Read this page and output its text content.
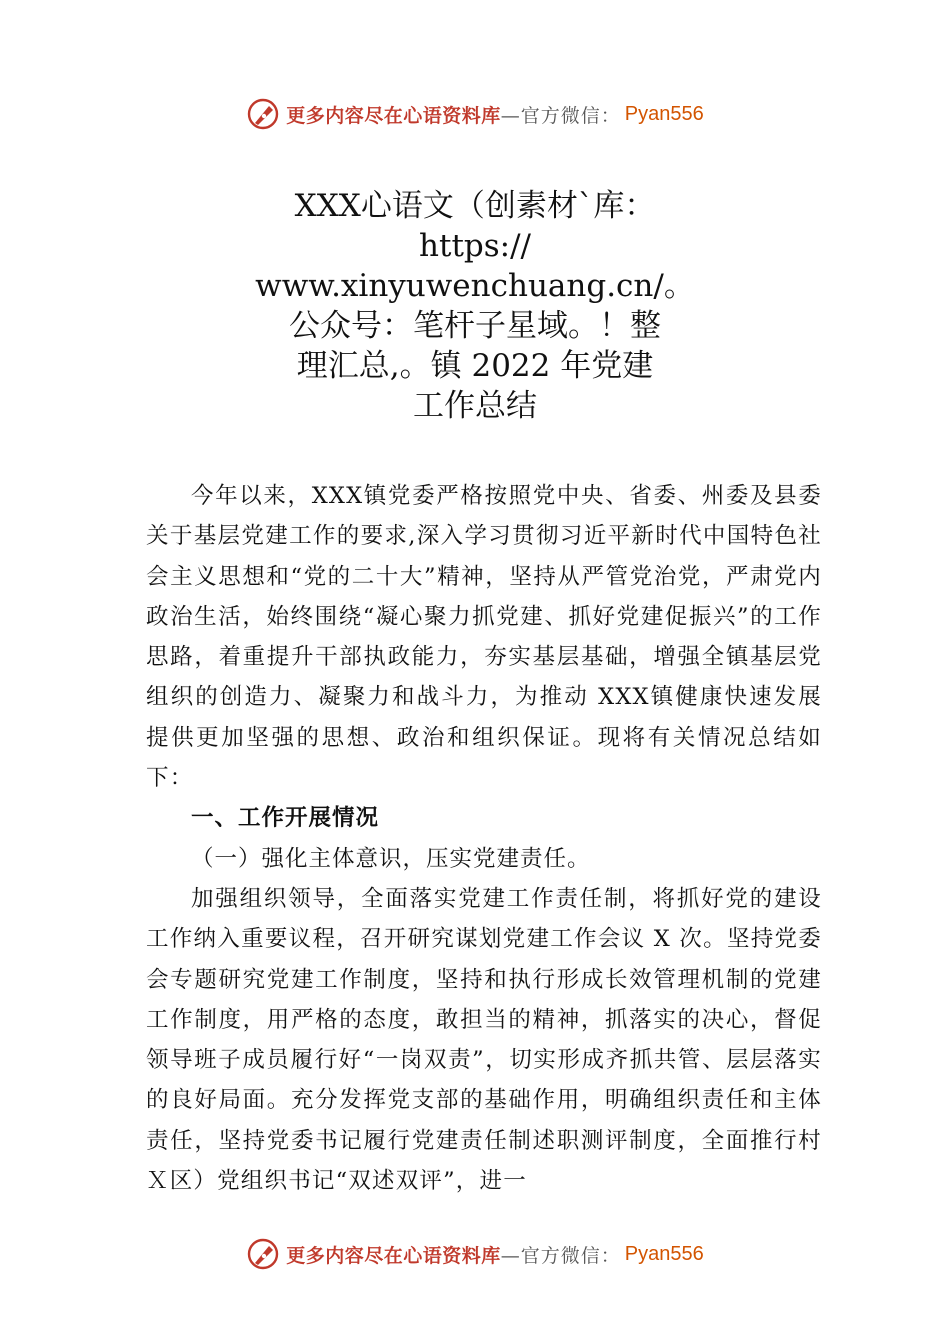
更多内容尽在心语资料库 —官方微信： Pyan556
XXX心语文（创素材`库：
https://
www.xinyuwenchuang.cn/。
公众号：笔杆子星域。！整
理汇总,。镇 2022 年党建
工作总结

今年以来，XXX镇党委严格按照党中央、省委、州委及县委关于基层党建工作的要求,深入学习贯彻习近平新时代中国特色社会主义思想和“党的二十大”精神，坚持从严管党治党，严肃党内政治生活，始终围绕“凝心聚力抓党建、抓好党建促振兴”的工作思路，着重提升干部执政能力，夯实基层基础，增强全镇基层党组织的创造力、凝聚力和战斗力，为推动 XXX镇健康快速发展提供更加坚强的思想、政治和组织保证。现将有关情况总结如下：

一、工作开展情况

（一）强化主体意识，压实党建责任。

加强组织领导，全面落实党建工作责任制，将抓好党的建设工作纳入重要议程，召开研究谋划党建工作会议 X 次。坚持党委会专题研究党建工作制度，坚持和执行形成长效管理机制的党建工作制度，用严格的态度，敢担当的精神，抓落实的决心，督促领导班子成员履行好“一岗双责”，切实形成齐抓共管、层层落实的良好局面。充分发挥党支部的基础作用，明确组织责任和主体责任，坚持党委书记履行党建责任制述职测评制度，全面推行村Ｘ区）党组织书记“双述双评”，进一

更多内容尽在心语资料库 —官方微信： Pyan556
